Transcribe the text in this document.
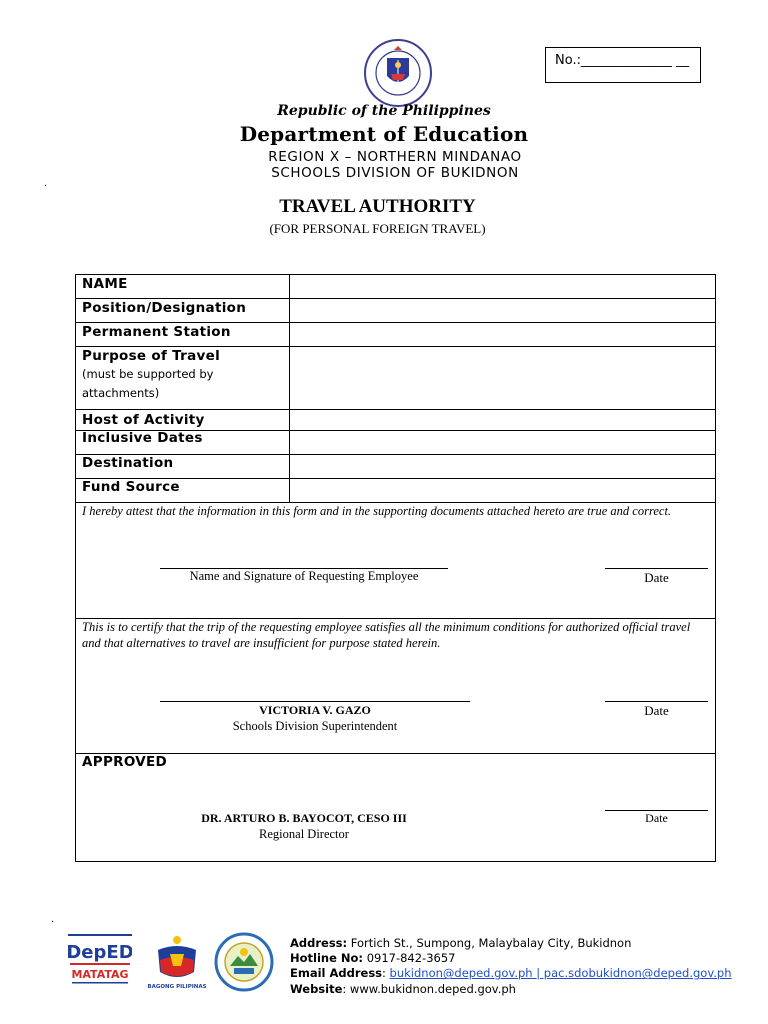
No.:______________ __
Republic of the Philippines
Department of Education
REGION X – NORTHERN MINDANAO
SCHOOLS DIVISION OF BUKIDNON
.
TRAVEL AUTHORITY
(FOR PERSONAL FOREIGN TRAVEL)
NAME
Position/Designation
Permanent Station
Purpose of Travel
(must be supported by attachments)
Host of Activity
Inclusive Dates
Destination
Fund Source
I hereby attest that the information in this form and in the supporting documents attached hereto are true and correct.
Name and Signature of Requesting Employee	Date
This is to certify that the trip of the requesting employee satisfies all the minimum conditions for authorized official travel and that alternatives to travel are insufficient for purpose stated herein.
VICTORIA V. GAZO
Schools Division Superintendent
Date
APPROVED
DR. ARTURO B. BAYOCOT, CESO III
Regional Director
Date
.
DepED
MATATAG
BAGONG PILIPINAS
Address: Fortich St., Sumpong, Malaybalay City, Bukidnon
Hotline No: 0917-842-3657
Email Address: bukidnon@deped.gov.ph | pac.sdobukidnon@deped.gov.ph
Website: www.bukidnon.deped.gov.ph
